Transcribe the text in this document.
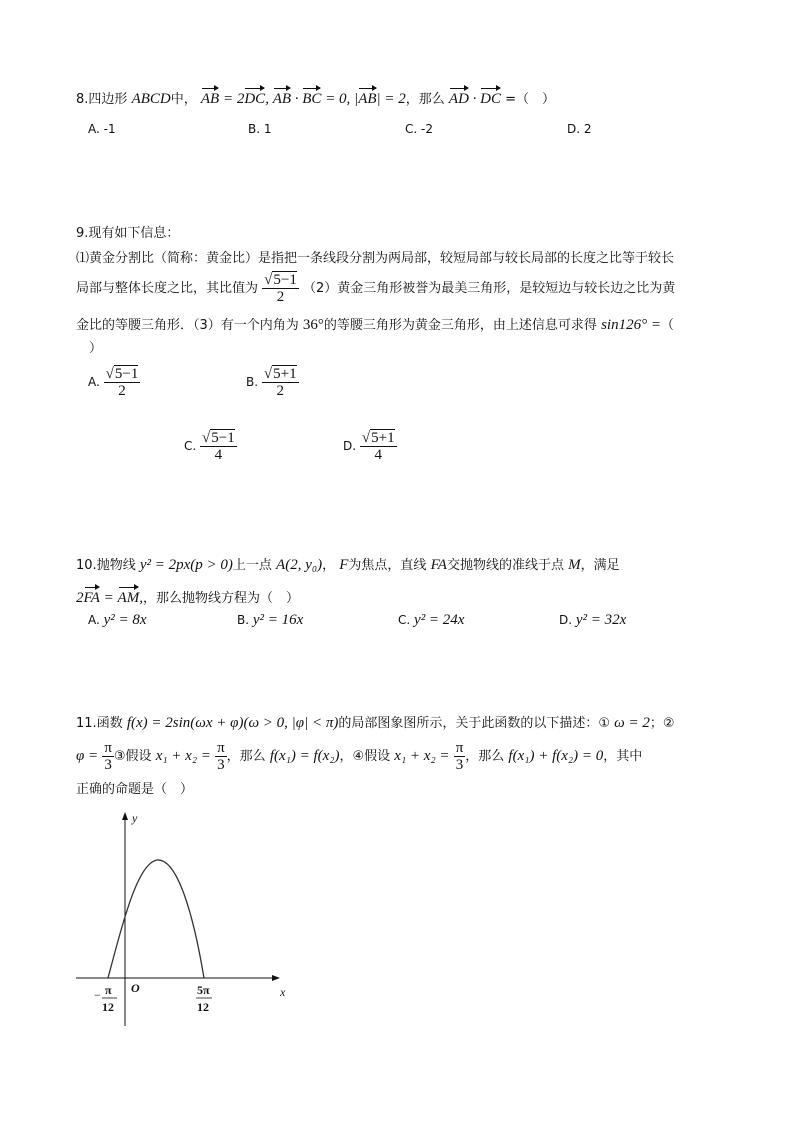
8.四边形 ABCD中， AB = 2DC, AB · BC = 0, |AB| = 2，那么 AD · DC =（　）
A. -1	B. 1	C. -2	D. 2
9.现有如下信息：
⑴黄金分割比（简称：黄金比）是指把一条线段分割为两局部，较短局部与较长局部的长度之比等于较长
局部与整体长度之比，其比值为 $\frac{√5-1}{2} (2)$黄金三角形被誉为最美三角形，是较短边与较长边之比为黄
金比的等腰三角形．（3）有一个内角为 36°的等腰三角形为黄金三角形，由上述信息可求得 sin126° =（
　）
A. $\frac{√5-1}{2}$	B. $\frac{√5+1}{2}$
C. $\frac{√5-1}{4}$	D. $\frac{√5+1}{4}$
10.抛物线 y² = 2px(p > 0)上一点 A(2, y₀)， F为焦点，直线 FA交抛物线的准线于点 M，满足
2FA = AM,，那么抛物线方程为（　）
A. y² = 8x	B. y² = 16x	C. y² = 24x	D. y² = 32x
11.函数 f(x) = 2sin(ωx + φ)(ω > 0, |φ| < π)的局部图象图所示，关于此函数的以下描述：① ω = 2；②
$\varphi = \frac{\pi}{3}$ ③假设 $x_1 + x_2 = \frac{\pi}{3}$ ，那么 f(x₁) = f(x₂)，④假设 $x_1 + x_2 = \frac{\pi}{3}$ ，那么 f(x₁) + f(x₂) = 0，其中
正确的命题是（　）
y
x
O
− π
12
5π
12
